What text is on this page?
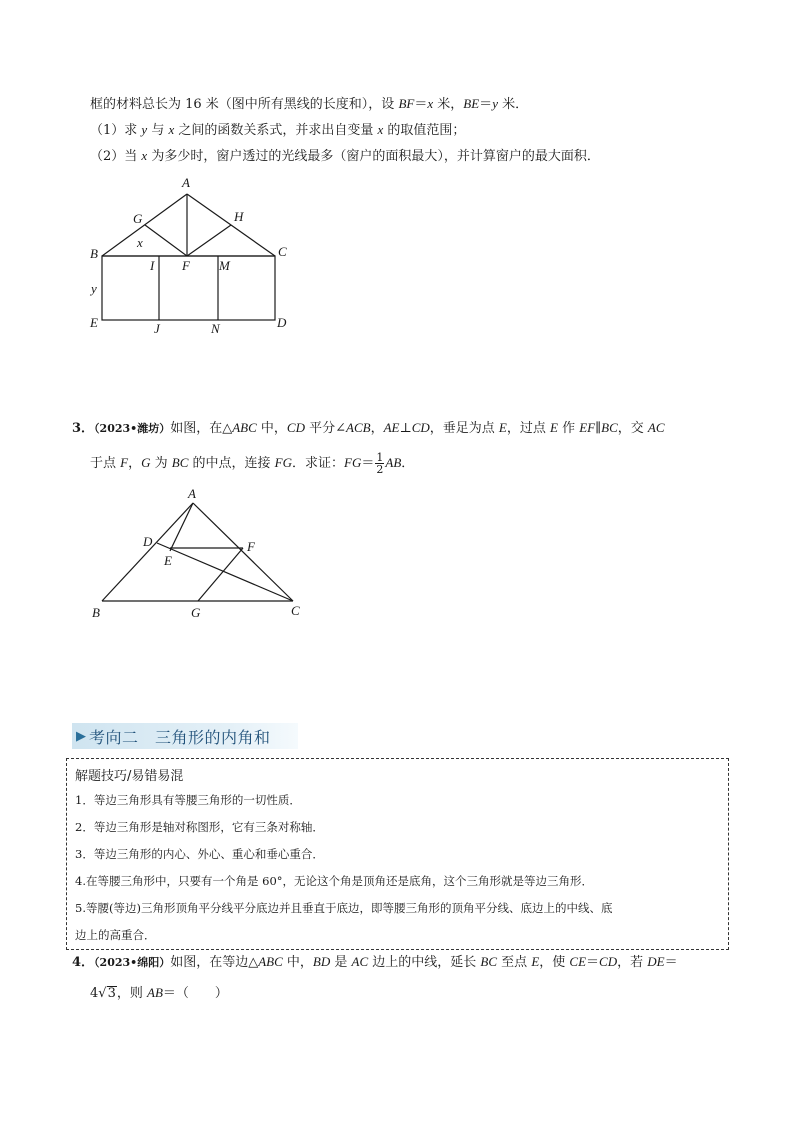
框的材料总长为 16 米（图中所有黑线的长度和），设 BF＝x 米，BE＝y 米．
（1）求 y 与 x 之间的函数关系式，并求出自变量 x 的取值范围；
（2）当 x 为多少时，窗户透过的光线最多（窗户的面积最大），并计算窗户的最大面积．
A
G	H
x
B	C
I F M
y
E	J	N	D
3．（2023•潍坊）如图，在△ABC 中，CD 平分∠ACB，AE⊥CD，垂足为点 E，过点 E 作 EF∥BC，交 AC
于点 F，G 为 BC 的中点，连接 FG．求证：$FG= \frac{1}{2}$ AB．
A
D	F
E
B	G	C
▶ 考向二　三角形的内角和
解题技巧/易错易混
1．等边三角形具有等腰三角形的一切性质．
2．等边三角形是轴对称图形，它有三条对称轴．
3．等边三角形的内心、外心、重心和垂心重合．
4.在等腰三角形中，只要有一个角是 60°，无论这个角是顶角还是底角，这个三角形就是等边三角形．
5.等腰(等边)三角形顶角平分线平分底边并且垂直于底边，即等腰三角形的顶角平分线、底边上的中线、底
边上的高重合．
4．（2023•绵阳）如图，在等边△ABC 中，BD 是 AC 边上的中线，延长 BC 至点 E，使 CE＝CD，若 DE＝
4√3，则 AB＝（　　）
